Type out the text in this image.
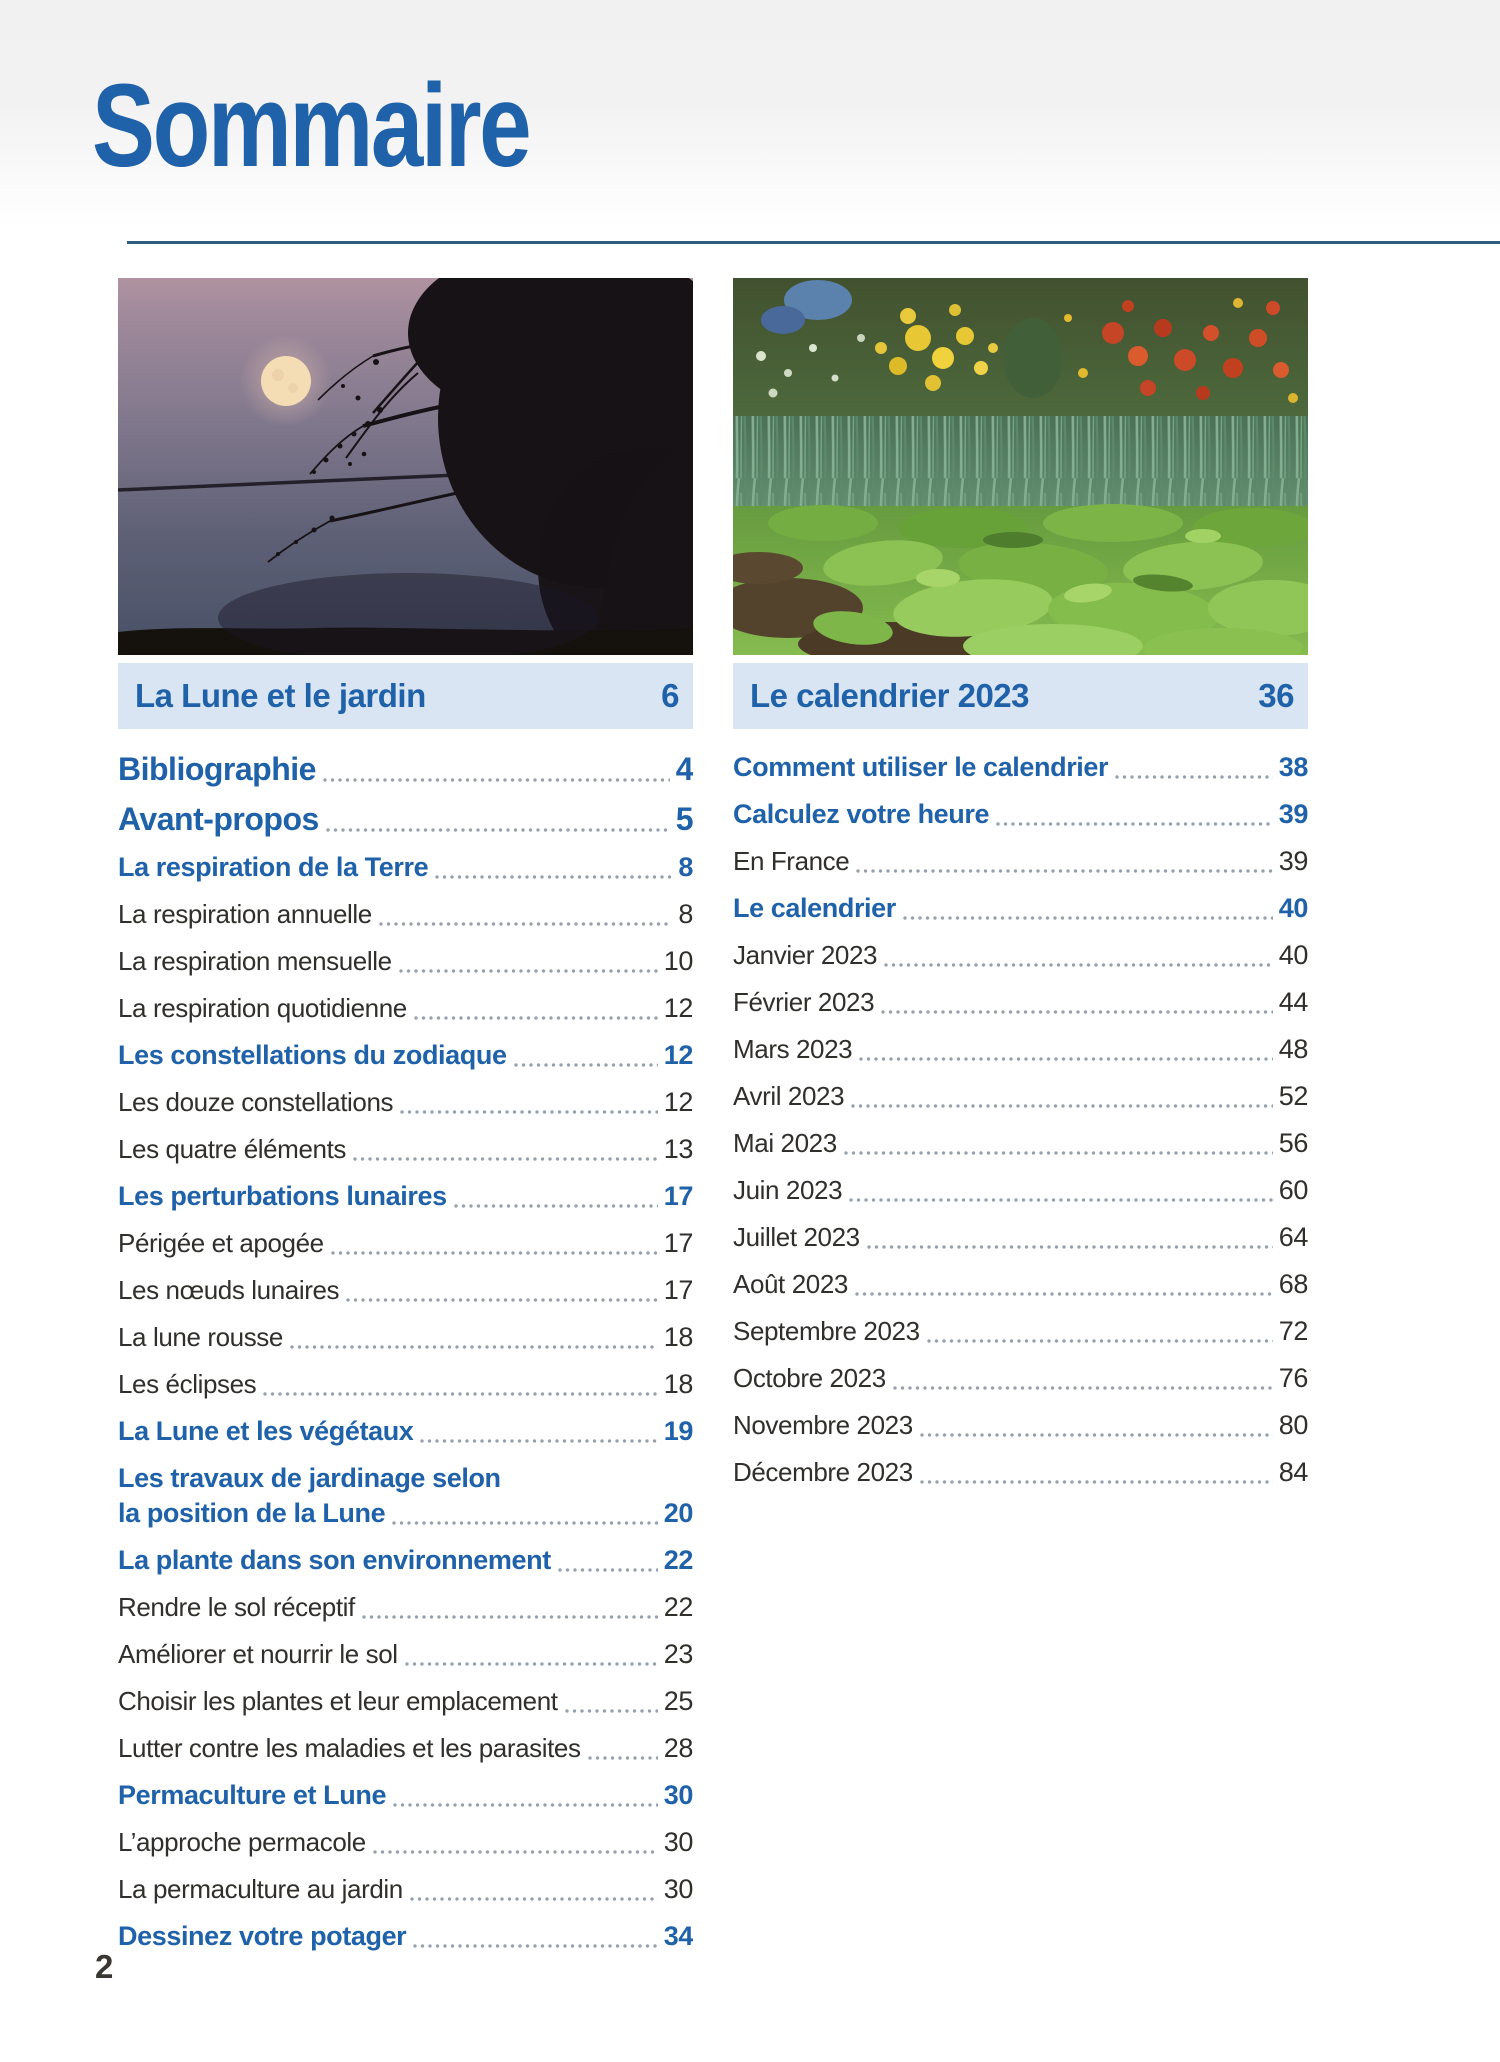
Sommaire
La Lune et le jardin	6
Bibliographie	4
Avant-propos	5
La respiration de la Terre	8
La respiration annuelle	8
La respiration mensuelle	10
La respiration quotidienne	12
Les constellations du zodiaque	12
Les douze constellations	12
Les quatre éléments	13
Les perturbations lunaires	17
Périgée et apogée	17
Les nœuds lunaires	17
La lune rousse	18
Les éclipses	18
La Lune et les végétaux	19
Les travaux de jardinage selon
la position de la Lune	20
La plante dans son environnement	22
Rendre le sol réceptif	22
Améliorer et nourrir le sol	23
Choisir les plantes et leur emplacement	25
Lutter contre les maladies et les parasites	28
Permaculture et Lune	30
L’approche permacole	30
La permaculture au jardin	30
Dessinez votre potager	34
Le calendrier 2023	36
Comment utiliser le calendrier	38
Calculez votre heure	39
En France	39
Le calendrier	40
Janvier 2023	40
Février 2023	44
Mars 2023	48
Avril 2023	52
Mai 2023	56
Juin 2023	60
Juillet 2023	64
Août 2023	68
Septembre 2023	72
Octobre 2023	76
Novembre 2023	80
Décembre 2023	84
2
